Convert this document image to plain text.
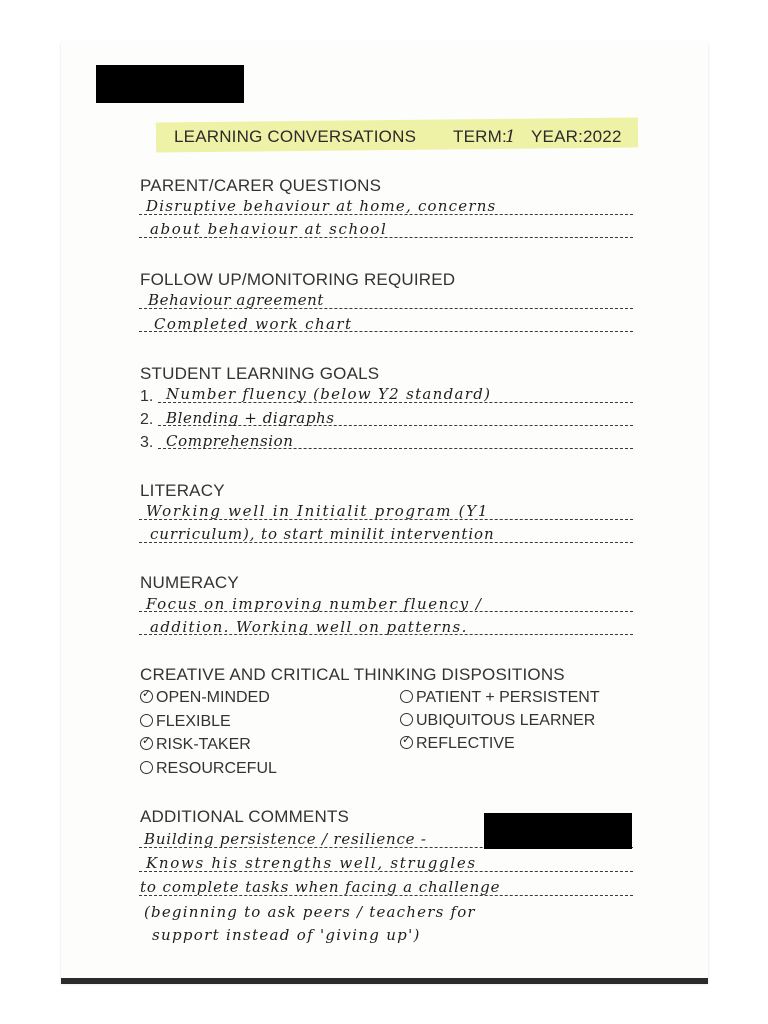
LEARNING CONVERSATIONS TERM:
1 YEAR: 2022
PARENT/CARER QUESTIONS
Disruptive behaviour at home, concerns
about behaviour at school
FOLLOW UP/MONITORING REQUIRED
Behaviour agreement
Completed work chart
STUDENT LEARNING GOALS
1.
2.
3.
Number fluency (below Y2 standard)
Blending + digraphs
Comprehension
LITERACY
Working well in Initialit program (Y1
curriculum), to start minilit intervention
NUMERACY
Focus on improving number fluency /
addition. Working well on patterns.
CREATIVE AND CRITICAL THINKING DISPOSITIONS
✓ OPEN-MINDED
FLEXIBLE
✓ RISK-TAKER
RESOURCEFUL
PATIENT + PERSISTENT
UBIQUITOUS LEARNER
✓ REFLECTIVE
ADDITIONAL COMMENTS
Building persistence / resilience -
Knows his strengths well, struggles
to complete tasks when facing a challenge
(beginning to ask peers / teachers for
support instead of 'giving up')
